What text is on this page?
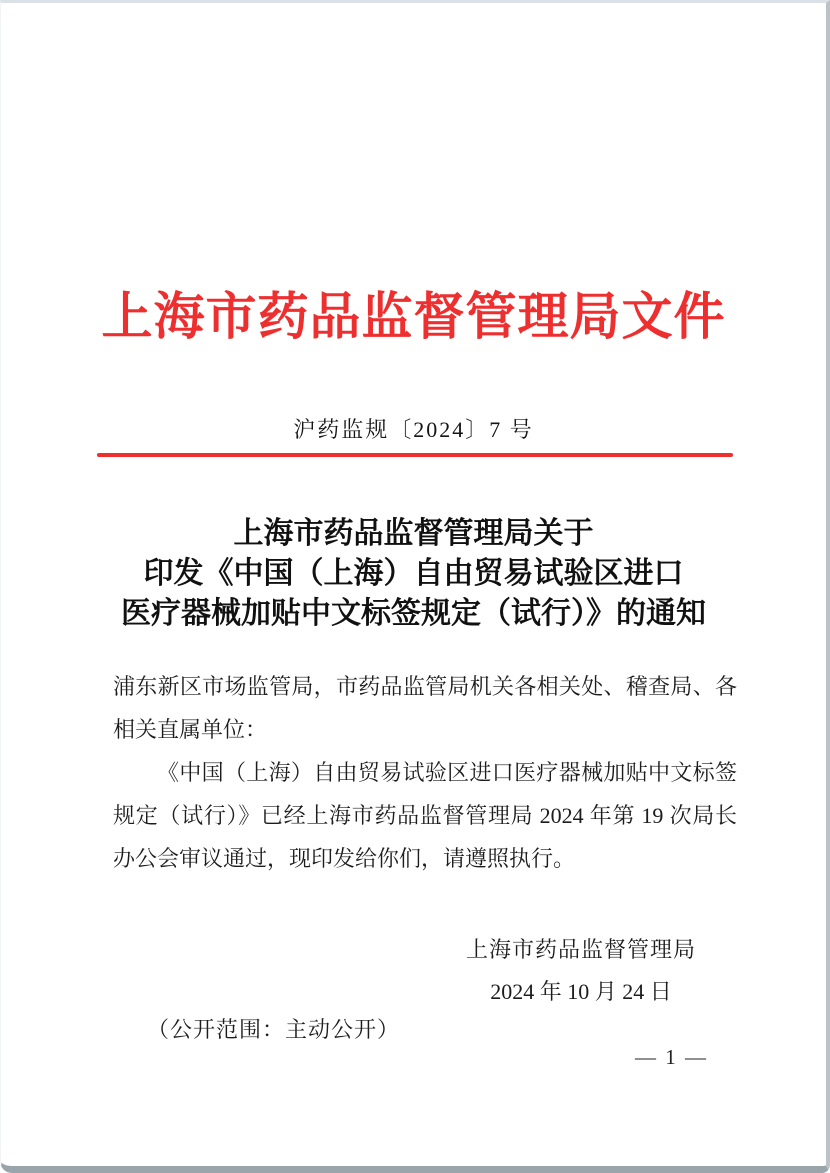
上海市药品监督管理局文件
沪药监规〔2024〕7 号
上海市药品监督管理局关于
印发《中国（上海）自由贸易试验区进口
医疗器械加贴中文标签规定（试行）》的通知

浦东新区市场监管局，市药品监管局机关各相关处、稽查局、各相关直属单位：

《中国（上海）自由贸易试验区进口医疗器械加贴中文标签规定（试行）》已经上海市药品监督管理局 2024 年第 19 次局长办公会审议通过，现印发给你们，请遵照执行。

上海市药品监督管理局
2024 年 10 月 24 日
（公开范围：主动公开）
— 1 —
